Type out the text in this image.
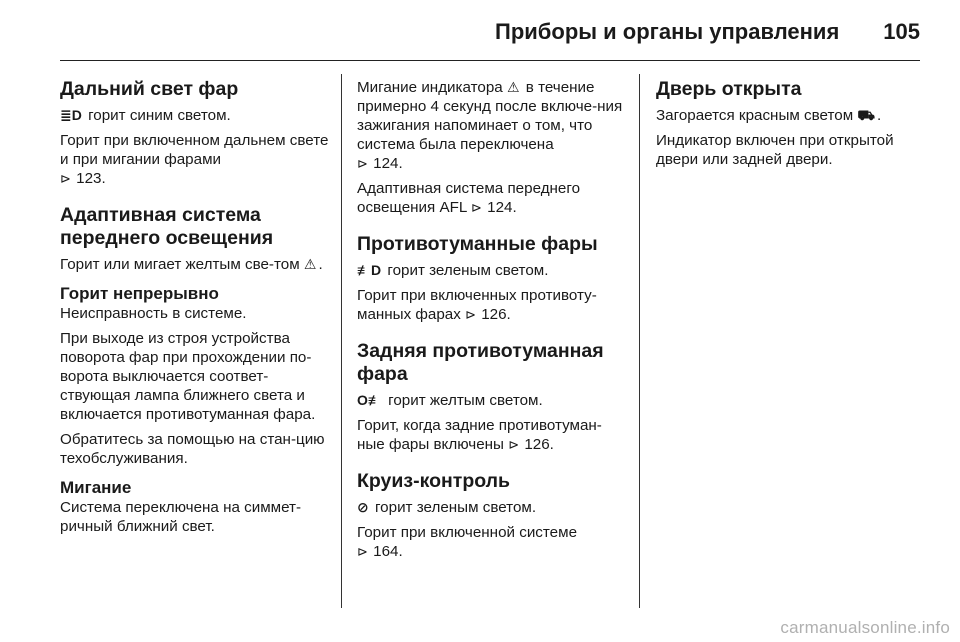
Приборы и органы управления 105
Дальний свет фар

≣D горит синим светом.

Горит при включенном дальнем свете и при мигании фарами
⊳ 123.

Адаптивная система переднего освещения

Горит или мигает желтым све-том ⚠ .

Горит непрерывно

Неисправность в системе.

При выходе из строя устройства поворота фар при прохождении по-ворота выключается соответ-ствующая лампа ближнего света и включается противотуманная фара.

Обратитесь за помощью на стан-цию техобслуживания.

Мигание

Система переключена на симмет-ричный ближний свет.

Мигание индикатора ⚠ в течение примерно 4 секунд после включе-ния зажигания напоминает о том, что система была переключена
⊳ 124.

Адаптивная система переднего освещения AFL ⊳ 124.

Противотуманные фары

≢D горит зеленым светом.

Горит при включенных противоту-манных фарах ⊳ 126.

Задняя противотуманная фара

O≢ горит желтым светом.

Горит, когда задние противотуман-ные фары включены ⊳ 126.

Круиз-контроль

⊘ горит зеленым светом.

Горит при включенной системе
⊳ 164.

Дверь открыта

Загорается красным светом ⛟ .

Индикатор включен при открытой двери или задней двери.

carmanualsonline.info
